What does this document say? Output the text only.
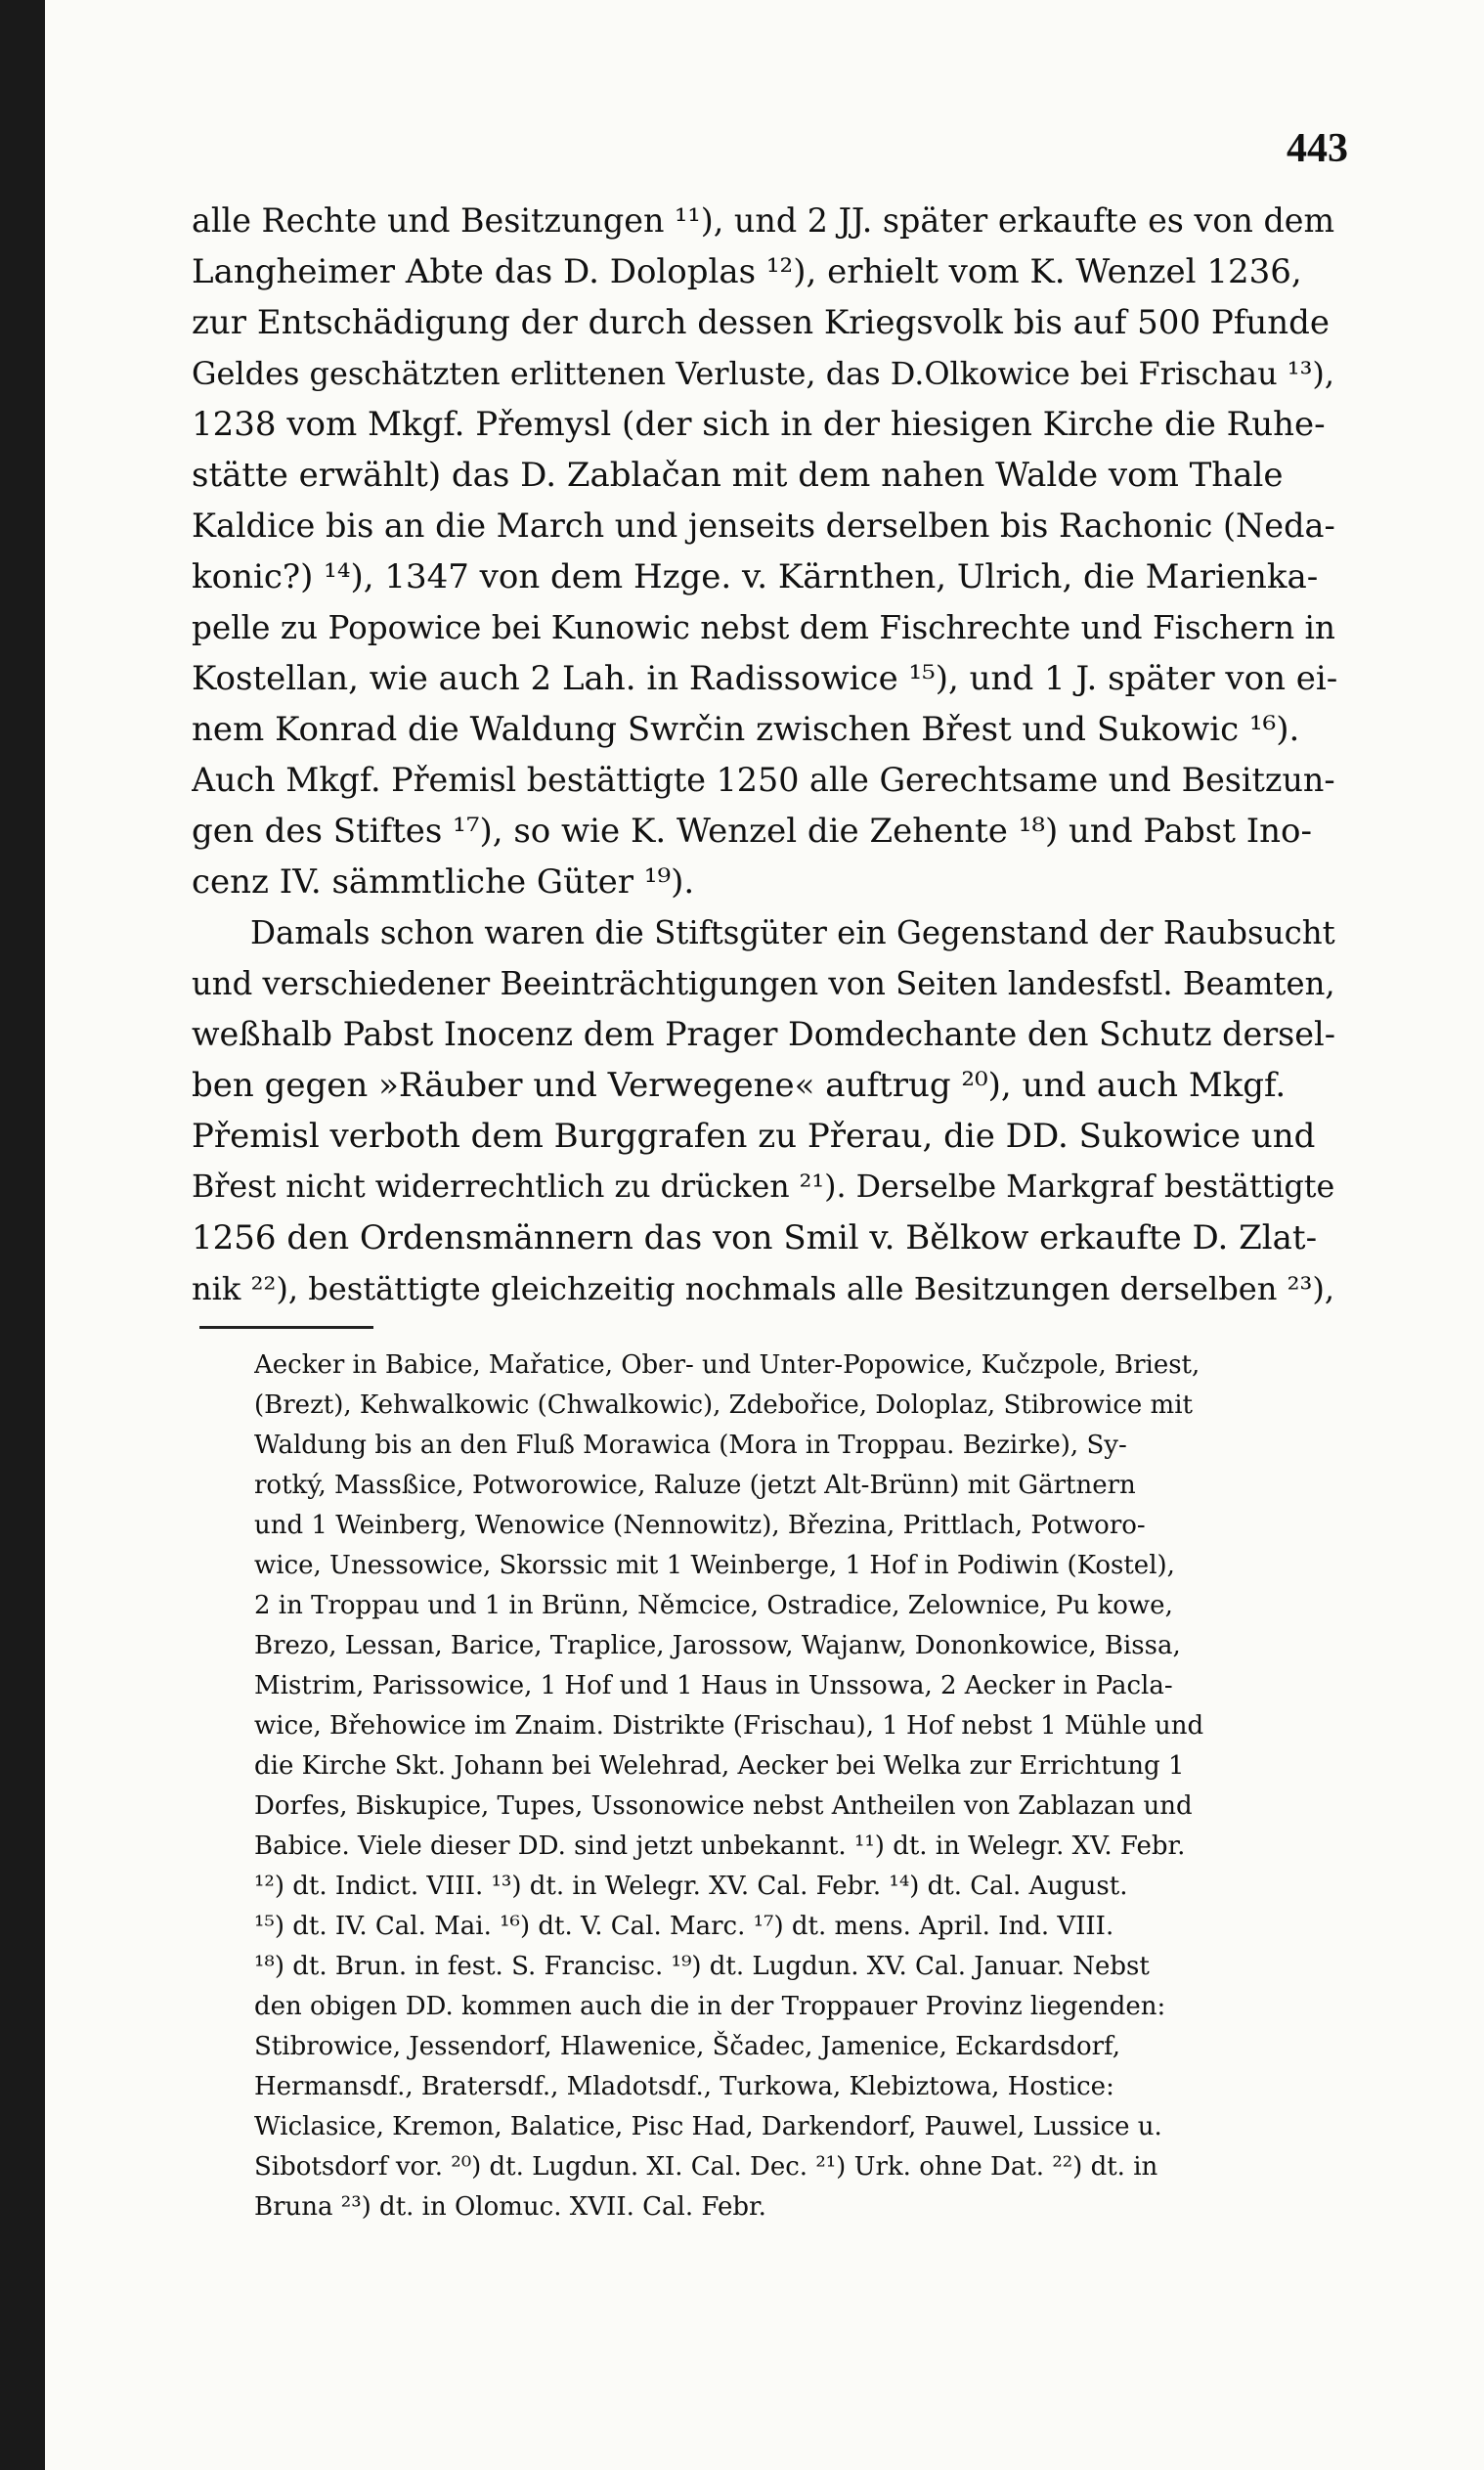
443
alle Rechte und Besitzungen ¹¹), und 2 JJ. später erkaufte es von dem
Langheimer Abte das D. Doloplas ¹²), erhielt vom K. Wenzel 1236,
zur Entschädigung der durch dessen Kriegsvolk bis auf 500 Pfunde
Geldes geschätzten erlittenen Verluste, das D.Olkowice bei Frischau ¹³),
1238 vom Mkgf. Přemysl (der sich in der hiesigen Kirche die Ruhe-
stätte erwählt) das D. Zablačan mit dem nahen Walde vom Thale
Kaldice bis an die March und jenseits derselben bis Rachonic (Neda-
konic?) ¹⁴), 1347 von dem Hzge. v. Kärnthen, Ulrich, die Marienka-
pelle zu Popowice bei Kunowic nebst dem Fischrechte und Fischern in
Kostellan, wie auch 2 Lah. in Radissowice ¹⁵), und 1 J. später von ei-
nem Konrad die Waldung Swrčin zwischen Břest und Sukowic ¹⁶).
Auch Mkgf. Přemisl bestättigte 1250 alle Gerechtsame und Besitzun-
gen des Stiftes ¹⁷), so wie K. Wenzel die Zehente ¹⁸) und Pabst Ino-
cenz IV. sämmtliche Güter ¹⁹).
Damals schon waren die Stiftsgüter ein Gegenstand der Raubsucht
und verschiedener Beeinträchtigungen von Seiten landesfstl. Beamten,
weßhalb Pabst Inocenz dem Prager Domdechante den Schutz dersel-
ben gegen »Räuber und Verwegene« auftrug ²⁰), und auch Mkgf.
Přemisl verboth dem Burggrafen zu Přerau, die DD. Sukowice und
Břest nicht widerrechtlich zu drücken ²¹). Derselbe Markgraf bestättigte
1256 den Ordensmännern das von Smil v. Bělkow erkaufte D. Zlat-
nik ²²), bestättigte gleichzeitig nochmals alle Besitzungen derselben ²³),
Aecker in Babice, Mařatice, Ober- und Unter-Popowice, Kučzpole, Briest,
(Brezt), Kehwalkowic (Chwalkowic), Zdebořice, Doloplaz, Stibrowice mit
Waldung bis an den Fluß Morawica (Mora in Troppau. Bezirke), Sy-
rotký, Massßice, Potworowice, Raluze (jetzt Alt-Brünn) mit Gärtnern
und 1 Weinberg, Wenowice (Nennowitz), Březina, Prittlach, Potworo-
wice, Unessowice, Skorssic mit 1 Weinberge, 1 Hof in Podiwin (Kostel),
2 in Troppau und 1 in Brünn, Němcice, Ostradice, Zelownice, Pu kowe,
Brezo, Lessan, Barice, Traplice, Jarossow, Wajanw, Dononkowice, Bissa,
Mistrim, Parissowice, 1 Hof und 1 Haus in Unssowa, 2 Aecker in Pacla-
wice, Břehowice im Znaim. Distrikte (Frischau), 1 Hof nebst 1 Mühle und
die Kirche Skt. Johann bei Welehrad, Aecker bei Welka zur Errichtung 1
Dorfes, Biskupice, Tupes, Ussonowice nebst Antheilen von Zablazan und
Babice. Viele dieser DD. sind jetzt unbekannt. ¹¹) dt. in Welegr. XV. Febr.
¹²) dt. Indict. VIII. ¹³) dt. in Welegr. XV. Cal. Febr. ¹⁴) dt. Cal. August.
¹⁵) dt. IV. Cal. Mai. ¹⁶) dt. V. Cal. Marc. ¹⁷) dt. mens. April. Ind. VIII.
¹⁸) dt. Brun. in fest. S. Francisc. ¹⁹) dt. Lugdun. XV. Cal. Januar. Nebst
den obigen DD. kommen auch die in der Troppauer Provinz liegenden:
Stibrowice, Jessendorf, Hlawenice, Ščadec, Jamenice, Eckardsdorf,
Hermansdf., Bratersdf., Mladotsdf., Turkowa, Klebiztowa, Hostice:
Wiclasice, Kremon, Balatice, Pisc Had, Darkendorf, Pauwel, Lussice u.
Sibotsdorf vor. ²⁰) dt. Lugdun. XI. Cal. Dec. ²¹) Urk. ohne Dat. ²²) dt. in
Bruna ²³) dt. in Olomuc. XVII. Cal. Febr.
